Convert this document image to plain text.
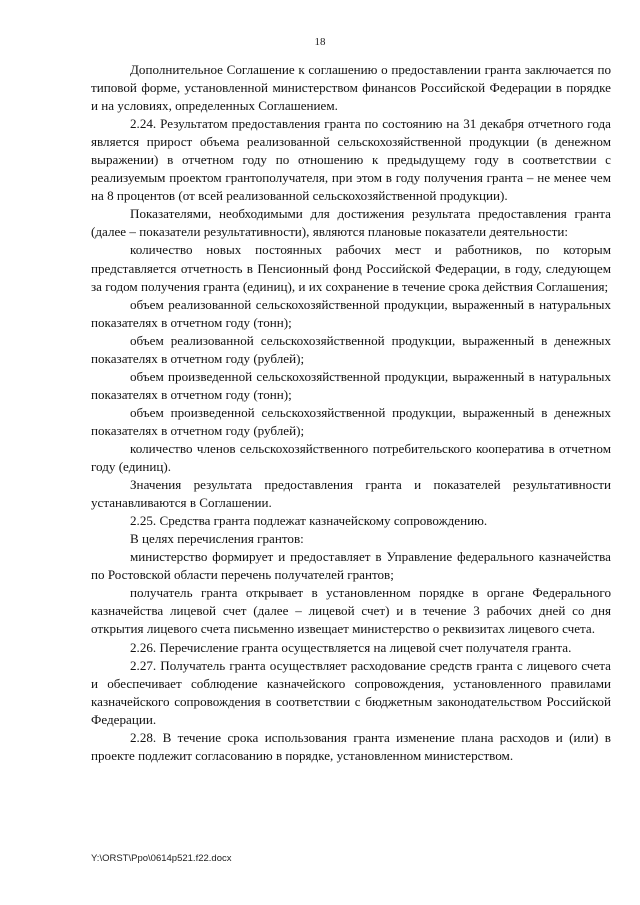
18

Дополнительное Соглашение к соглашению о предоставлении гранта заключается по типовой форме, установленной министерством финансов Российской Федерации в порядке и на условиях, определенных Соглашением.

2.24. Результатом предоставления гранта по состоянию на 31 декабря отчетного года является прирост объема реализованной сельскохозяйственной продукции (в денежном выражении) в отчетном году по отношению к предыдущему году в соответствии с реализуемым проектом грантополучателя, при этом в году получения гранта – не менее чем на 8 процентов (от всей реализованной сельскохозяйственной продукции).

Показателями, необходимыми для достижения результата предоставления гранта (далее – показатели результативности), являются плановые показатели деятельности:

количество новых постоянных рабочих мест и работников, по которым представляется отчетность в Пенсионный фонд Российской Федерации, в году, следующем за годом получения гранта (единиц), и их сохранение в течение срока действия Соглашения;

объем реализованной сельскохозяйственной продукции, выраженный в натуральных показателях в отчетном году (тонн);

объем реализованной сельскохозяйственной продукции, выраженный в денежных показателях в отчетном году (рублей);

объем произведенной сельскохозяйственной продукции, выраженный в натуральных показателях в отчетном году (тонн);

объем произведенной сельскохозяйственной продукции, выраженный в денежных показателях в отчетном году (рублей);

количество членов сельскохозяйственного потребительского кооператива в отчетном году (единиц).

Значения результата предоставления гранта и показателей результативности устанавливаются в Соглашении.

2.25. Средства гранта подлежат казначейскому сопровождению.

В целях перечисления грантов:

министерство формирует и предоставляет в Управление федерального казначейства по Ростовской области перечень получателей грантов;

получатель гранта открывает в установленном порядке в органе Федерального казначейства лицевой счет (далее – лицевой счет) и в течение 3 рабочих дней со дня открытия лицевого счета письменно извещает министерство о реквизитах лицевого счета.

2.26. Перечисление гранта осуществляется на лицевой счет получателя гранта.

2.27. Получатель гранта осуществляет расходование средств гранта с лицевого счета и обеспечивает соблюдение казначейского сопровождения, установленного правилами казначейского сопровождения в соответствии с бюджетным законодательством Российской Федерации.

2.28. В течение срока использования гранта изменение плана расходов и (или) в проекте подлежит согласованию в порядке, установленном министерством.

Y:\ORST\Ppo\0614p521.f22.docx
